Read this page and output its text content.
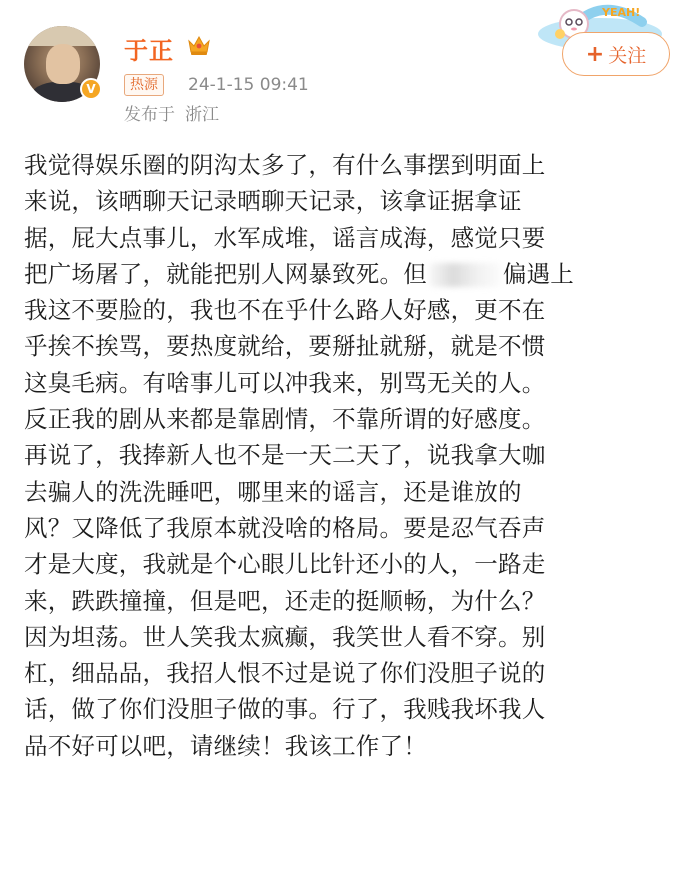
V
于正
热源	24-1-15 09:41
发布于 浙江
YEAH!
+ 关注
我觉得娱乐圈的阴沟太多了，有什么事摆到明面上
来说，该晒聊天记录晒聊天记录，该拿证据拿证
据，屁大点事儿，水军成堆，谣言成海，感觉只要
把广场屠了，就能把别人网暴致死。但	偏遇上
我这不要脸的，我也不在乎什么路人好感，更不在
乎挨不挨骂，要热度就给，要掰扯就掰，就是不惯
这臭毛病。有啥事儿可以冲我来，别骂无关的人。
反正我的剧从来都是靠剧情，不靠所谓的好感度。
再说了，我捧新人也不是一天二天了，说我拿大咖
去骗人的洗洗睡吧，哪里来的谣言，还是谁放的
风？又降低了我原本就没啥的格局。要是忍气吞声
才是大度，我就是个心眼儿比针还小的人，一路走
来，跌跌撞撞，但是吧，还走的挺顺畅，为什么？
因为坦荡。世人笑我太疯癫，我笑世人看不穿。别
杠，细品品，我招人恨不过是说了你们没胆子说的
话，做了你们没胆子做的事。行了，我贱我坏我人
品不好可以吧，请继续！我该工作了！
